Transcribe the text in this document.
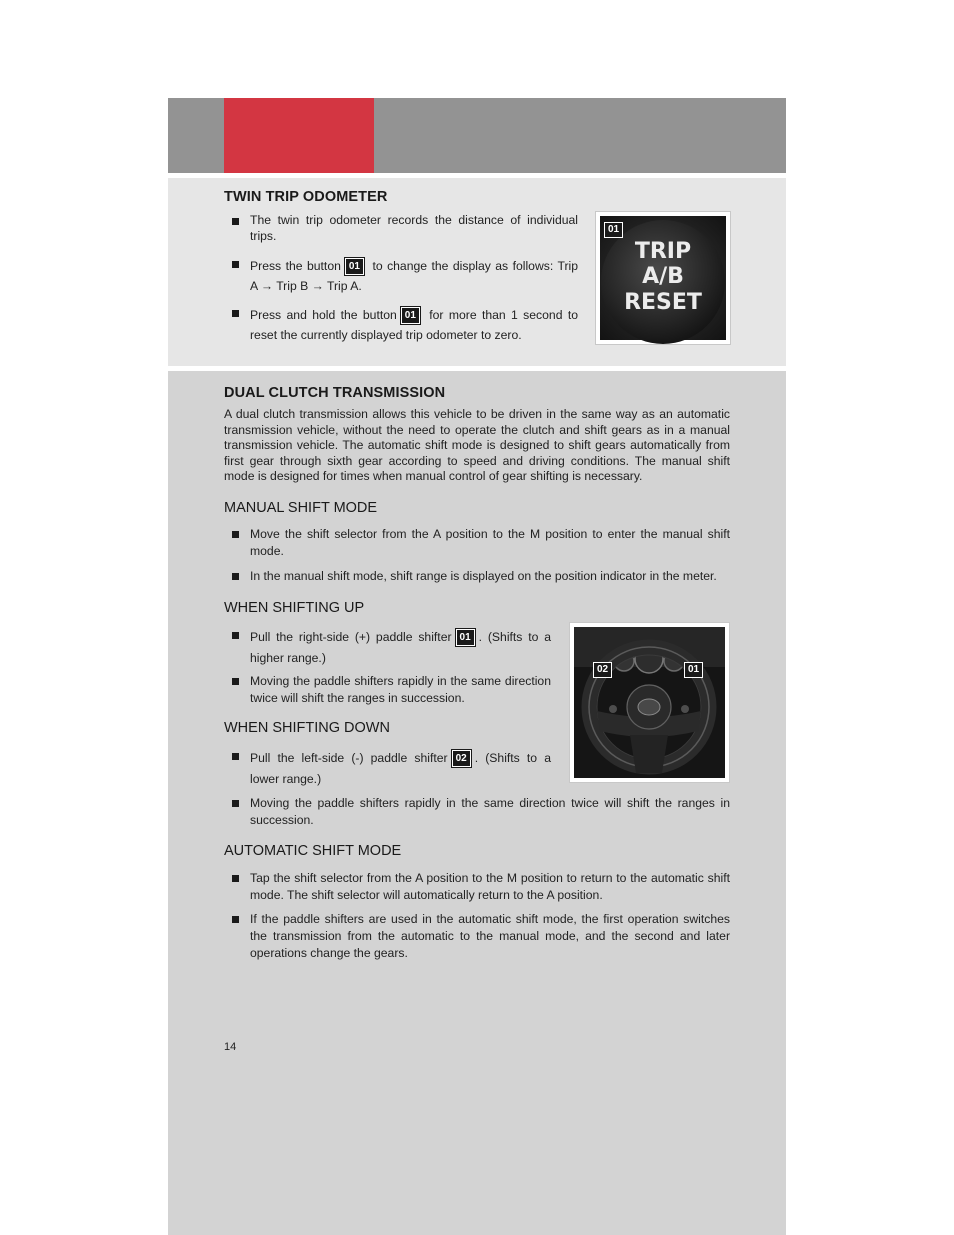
TWIN TRIP ODOMETER
The twin trip odometer records the distance of individual trips.
Press the button 01 to change the display as follows: Trip A → Trip B → Trip A.
Press and hold the button 01 for more than 1 second to reset the currently displayed trip odometer to zero.
TRIP
A/B
RESET
01
DUAL CLUTCH TRANSMISSION

A dual clutch transmission allows this vehicle to be driven in the same way as an automatic transmission vehicle, without the need to operate the clutch and shift gears as in a manual transmission vehicle. The automatic shift mode is designed to shift gears automatically from first gear through sixth gear according to speed and driving conditions. The manual shift mode is designed for times when manual control of gear shifting is necessary.

MANUAL SHIFT MODE
Move the shift selector from the A position to the M position to enter the manual shift mode.
In the manual shift mode, shift range is displayed on the position indicator in the meter.
WHEN SHIFTING UP
Pull the right-side (+) paddle shifter 01 . (Shifts to a higher range.)
Moving the paddle shifters rapidly in the same direction twice will shift the ranges in succession.
WHEN SHIFTING DOWN
Pull the left-side (-) paddle shifter 02 . (Shifts to a lower range.)
Moving the paddle shifters rapidly in the same direction twice will shift the ranges in succession.
02	01
AUTOMATIC SHIFT MODE
Tap the shift selector from the A position to the M position to return to the automatic shift mode. The shift selector will automatically return to the A position.
If the paddle shifters are used in the automatic shift mode, the first operation switches the transmission from the automatic to the manual mode, and the second and later operations change the gears.
14
